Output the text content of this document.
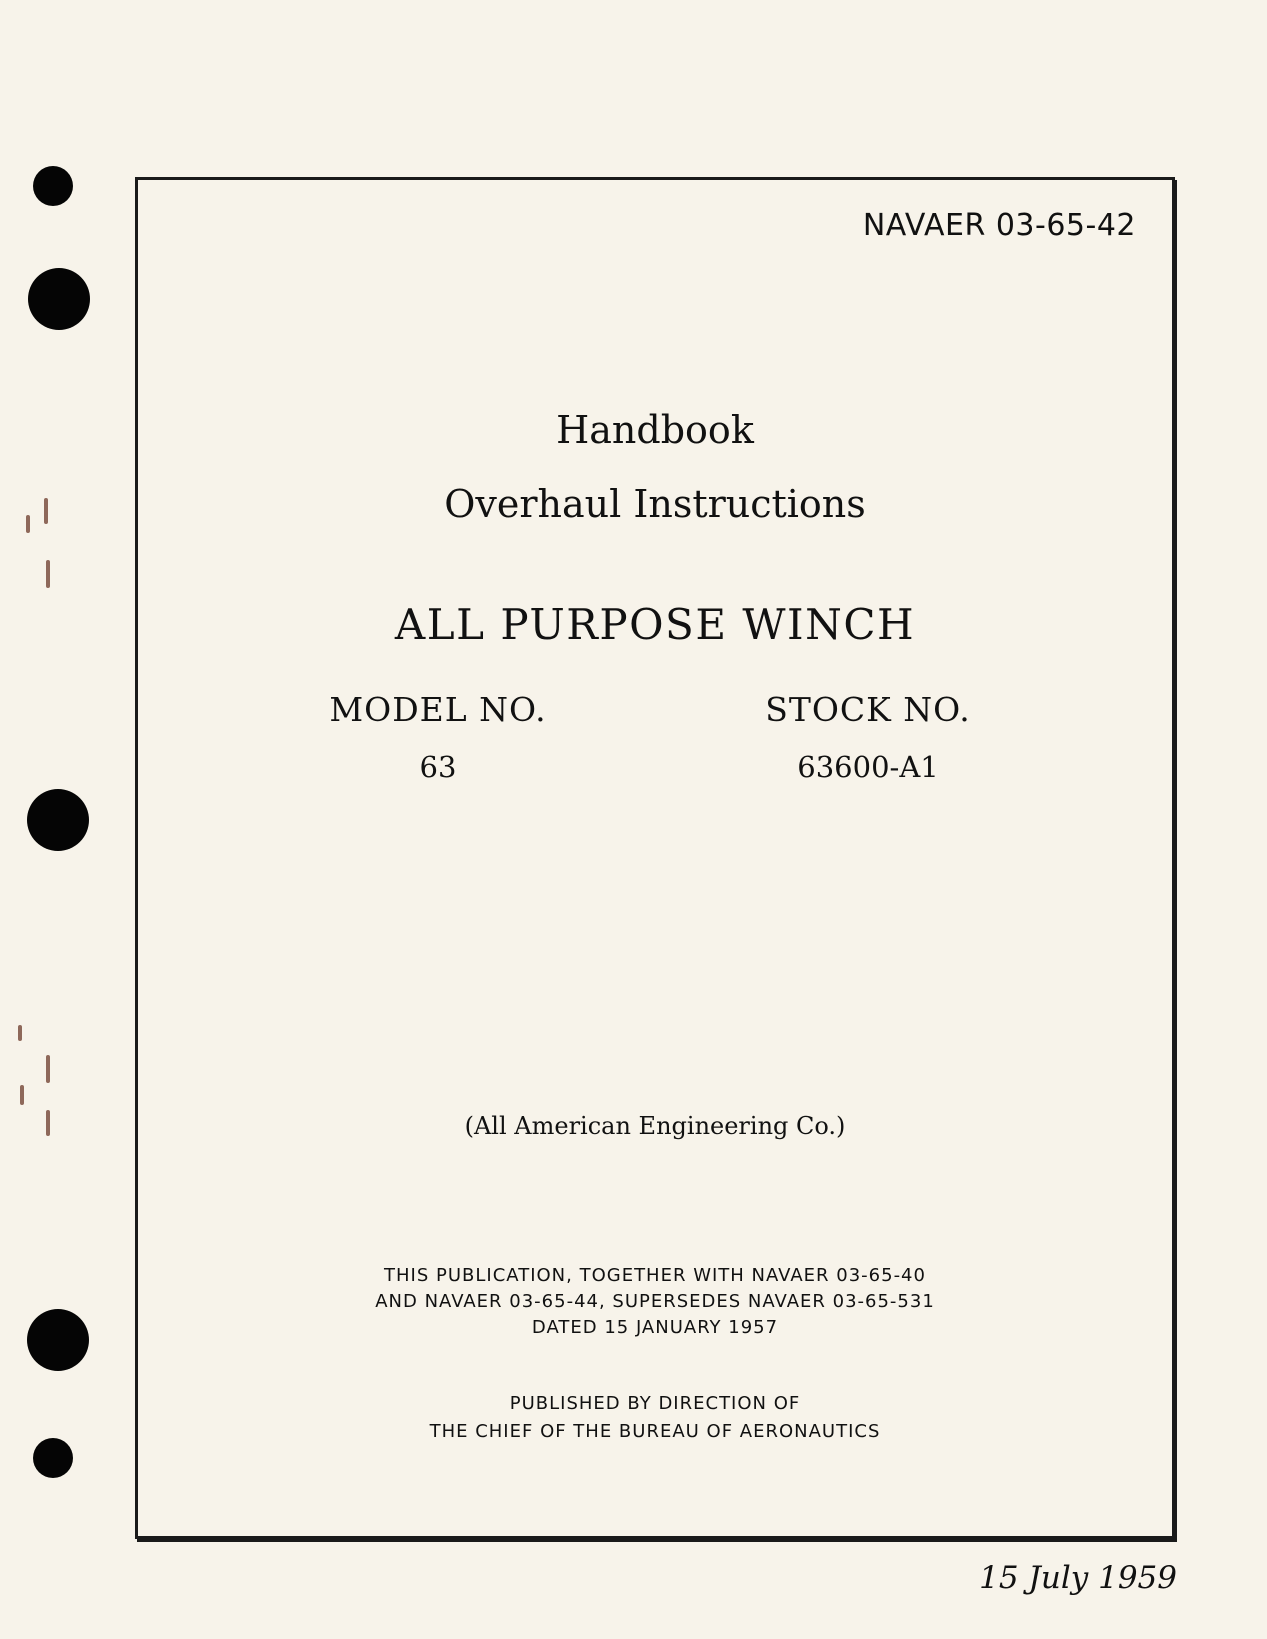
NAVAER 03-65-42
Handbook
Overhaul Instructions
ALL PURPOSE WINCH
MODEL NO.
63
STOCK NO.
63600-A1
(All American Engineering Co.)
THIS PUBLICATION, TOGETHER WITH NAVAER 03-65-40
AND NAVAER 03-65-44, SUPERSEDES NAVAER 03-65-531
DATED 15 JANUARY 1957
PUBLISHED BY DIRECTION OF
THE CHIEF OF THE BUREAU OF AERONAUTICS
15 July 1959
